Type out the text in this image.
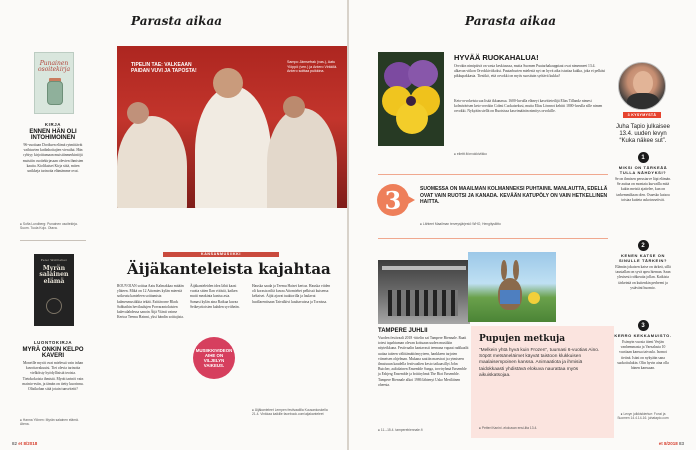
Parasta aikaa
Punainen osoitekirja
KIRJA
ENNEN HÄN OLI INTOHIMOINEN
96-vuotiaan Doriksen elämä rytmittävät vaihtuvien kodinhoitajien vierailut. Hän ryhtyy kirjoittamaan muistiinmerkintöjä muistiin osoitekirjasaan olevien ihmisten kautta. Kiolikaiset Kirja siitä, miten unikkeja tarinoita elämämme ovat.
● Sofia Lundberg: Punainen osoitekirja. Suom. Tuula Kojo. Otava.
Peter Wohlleben
Myrän salainen elämä
LUONTOKIRJA
MYRÄ ONKIN KELPO KAVERI
Moneille myrät ovat mielessä vain inhan kuvottavakuuisi. Tiet olevia tarinoita vielköisty hyödyllisistä teoista. Tietokokoista ihmistä. Myrät tarinöi vain mainio-esiin, ja tämän on tietty kuorinnu. Olisikohan siitä jotain tunsviteitt?
● Hanna Ylönen: Myrän salainen elämä. Atena.
TIPELIN TAE: VALKEAAN PAIDAN VUVI JA TAPOSTA!
Sampo Jämsefrak (vas.), Aatu Ylöppö (ven.) ja Antero Virkkilä. Antero soittaa puikkina.
KANSANMUSIIKKI
Äijäkanteleista kajahtaa
ROUVOIAN soittaa Aatu Kalmakkaa mitään yläteen. Mikä on 12 Aitomies kylän mieestä sotkeutu kanteleen soittamista kalmesmusiikkia tekää. Esittärorne Black Sabbathin hevilaulujen Porvarantolaisten kalevalahdessa sanoin Äijä Viänti vainse Kertoa Teemu Hatnni, yksi bändin soittajista.
Äijäkanteleiden idea lähti kaasi vuotta sitten Ilan viitisiä, kaiken mutti meakinta kanisa asia. Samasi kylän aina Raikua kuvaa Seikeyrtioisien kahden syvitheän.
MUSIIKKIVIDEON AIHE ON VILJELYN VAIKEUS.
Hauska saada ja Teemu Haiset kertoa. Hauska viiden oli korasta niltä kuvaa Aitomiehet pelkissä kuisensa keltaiset. Äijät ajavat tuaktorilla ja laulavat huollarentisaan Taivalkivi kauhavuissa ja Tornissa.
● Äijäkanteleet Lempen festivaalilla Kuusankoskella 21.4. Vinkkaa kaikille facebook.com/aijakanteleet
82 et 8/2018
Parasta aikaa
HYVÄÄ RUOKAHALUA!
Orvokin nimipäivä on vasta keskiuussa, mutta Suomen Puutarhakauppiaat ovat nimenneet 13.4. alkavan viikon Orvokkiviikoksi. Puutarhurien mielestä nyt on hyvä aika istuttaa kukka, joka ei pelkäsi pikkupakkasta. Tiesitkö, että orvokki on myös suosituin syötävä kukka?
Keto-orvokeista saa lisää ikkunassa. 1600-luvulla eläneyt kasvitieteilijä Elias Tillandz nimesi kolmivärisen keto-orvokin Colmi Cuckaisekssi, mutta Elias Lönnrot kehitti 1800-luvulla sille nimen orvokki. Nykyään siellä on Ruotsissa kasvimäärän nimitys orvokille.
● eliettt.fi/orvokkiviikko
3	SUOMESSA ON MAAILMAN KOLMANNEKSI PUHTAINIL MANLAUTTA, EDELLÄ OVAT VAIN RUOTSI JA KANADA. KEVÄÄN KATUPÖLY ON VAIN HETKELLINEN HAITTA.
● Lähteet Maailman terveysjärjestö WHO, Hengitysliitto
3 KYSYMYSTÄ
Juha Tapio julkaisee 13.4. uuden levyn “Kuka näkee sut”.
1
MIKSI ON TÄRKEÄÄ TULLA NÄHDYKSI?
Se on ihmisen perustarve läpi elämän. Se auttaa on montaia kurvailla mitä kukin meistä ajattelee, kun on tarkemmiltaan olen. Osaesko katsoa toisiaa kuiteta uskotosseitvät.
2
KENEN KATSE ON SINULLE TÄRKEIN?
Elämän jokaisen katse on tärkeä, sillä taustallan on syvä apea hieman. Saan ylesisesti rohkeutta jollan. Kaikista tärkeintä on kuitenkin perheeni ja ystäväni huomio.
3
KERRO KEKKAMUISTO.
Esimyin vuosia itteni Verjän vanhemmasta ja Vaesalasta 10 vuotiaan kanssa taivasla. Isomoi tietinä. Isäni on nykyään sana suokoitulukin. Olin hyvin aina olla hänen kanssaan.
● Levyn julkkiskiertue: Fonzi ja Suomen 14.4.14-16. juhatapio.com
TAMPERE JUHLII
Vuoden festivaali 2018 -tittelin sai Tampere Biennale. Raati totesi tapahtuman olevan koituaan uuden musiikin näyteikkuna. Festivaalin kantavasti teemana vapaat radikaalit uuttaa taiteen välittämättömyyteen, hankkeen tarjoten viimeisen ohjelman. Mukana saatiin maestrat ja rytmiseen ilmaisuun kaudella festivaalien kesto taikaasillyt John Butcher, aaltolainen Ensemble Sanga, torviryhmä Ensemble ja Esbjerg Ensemble ja brittiryhmä The Riot Ensemble. Tampere Biennale alkoi 1986 lähtenyt Usko Meriläinen oheesta.
● 11.–15.4. tamperebiennale.fi
Pupujen metkuja
”Melkein yhtä hyvä kuin Frozen”, tuumasi 6-vuotias Aino. Söpöt metsäneläimet käyvät taistoon klukkuisen maalaisempoinen kanssa. Animaatiota ja ihmisiä taidokkaasti yhdistävä elokuva naurattaa myös aikuiskatsojaa.
● Petteri Kanini -elokuvan ensi-ilta 13.4.
et 8/2018 83
